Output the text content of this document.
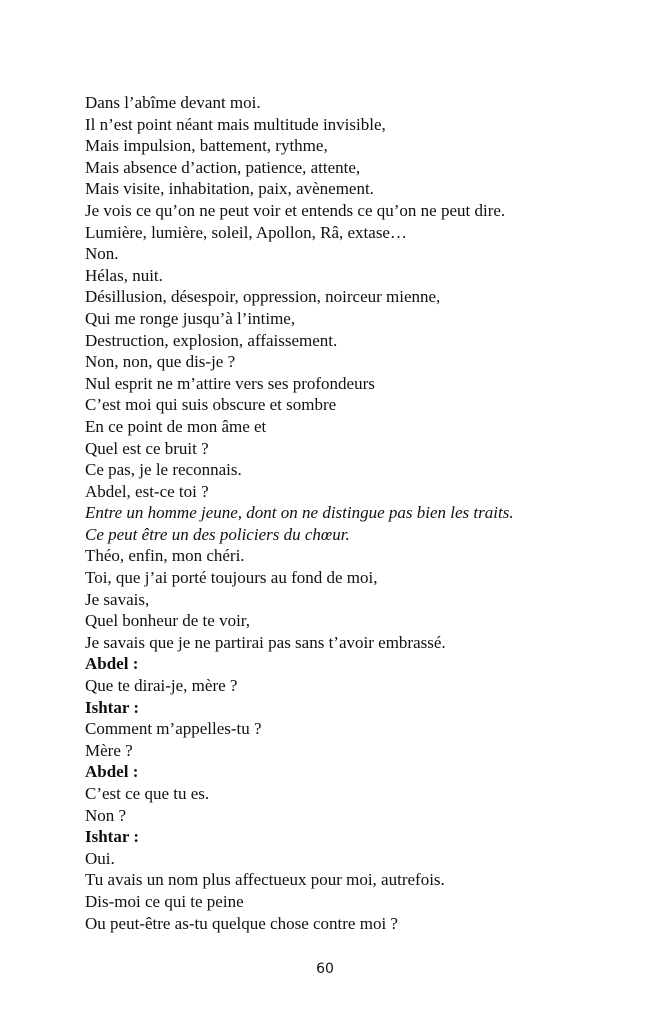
Dans l’abîme devant moi.
Il n’est point néant mais multitude invisible,
Mais impulsion, battement, rythme,
Mais absence d’action, patience, attente,
Mais visite, inhabitation, paix, avènement.
Je vois ce qu’on ne peut voir et entends ce qu’on ne peut dire.
Lumière, lumière, soleil, Apollon, Râ, extase…
Non.
Hélas, nuit.
Désillusion, désespoir, oppression, noirceur mienne,
Qui me ronge jusqu’à l’intime,
Destruction, explosion, affaissement.
Non, non, que dis-je ?
Nul esprit ne m’attire vers ses profondeurs
C’est moi qui suis obscure et sombre
En ce point de mon âme et
Quel est ce bruit ?
Ce pas, je le reconnais.
Abdel, est-ce toi ?
Entre un homme jeune, dont on ne distingue pas bien les traits.
Ce peut être un des policiers du chœur.
Théo, enfin, mon chéri.
Toi, que j’ai porté toujours au fond de moi,
Je savais,
Quel bonheur de te voir,
Je savais que je ne partirai pas sans t’avoir embrassé.
Abdel :
Que te dirai-je, mère ?
Ishtar :
Comment m’appelles-tu ?
Mère ?
Abdel :
C’est ce que tu es.
Non ?
Ishtar :
Oui.
Tu avais un nom plus affectueux pour moi, autrefois.
Dis-moi ce qui te peine
Ou peut-être as-tu quelque chose contre moi ?
60
